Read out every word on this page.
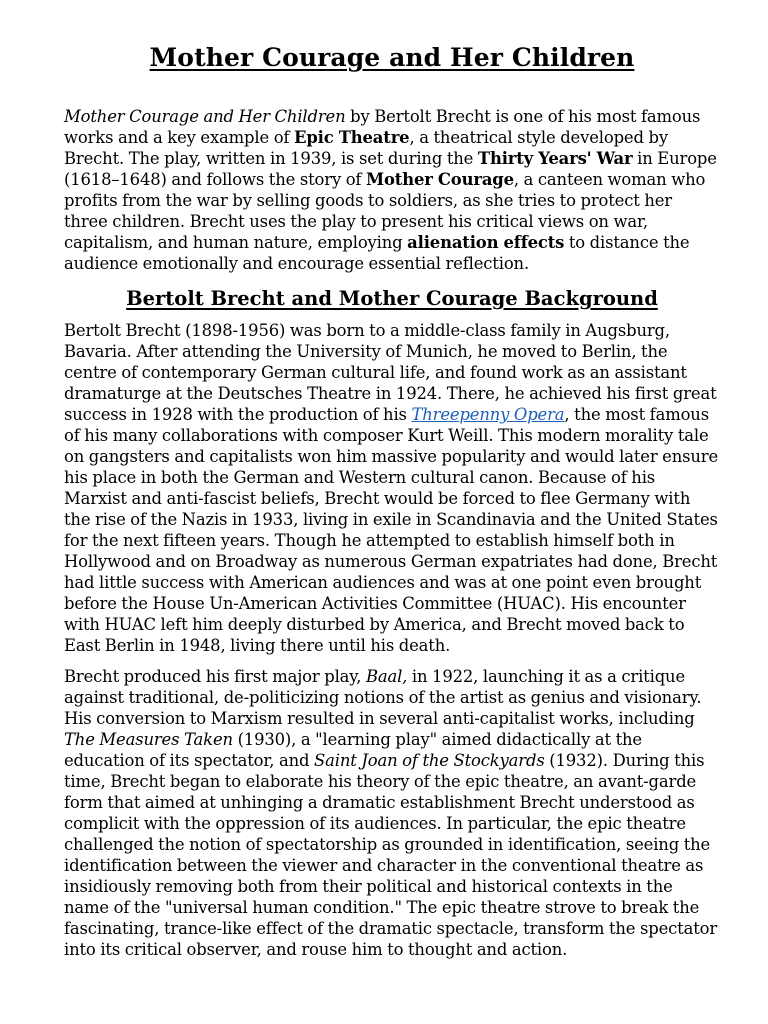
Mother Courage and Her Children

Mother Courage and Her Children by Bertolt Brecht is one of his most famous works and a key example of Epic Theatre, a theatrical style developed by Brecht. The play, written in 1939, is set during the Thirty Years' War in Europe (1618–1648) and follows the story of Mother Courage, a canteen woman who profits from the war by selling goods to soldiers, as she tries to protect her three children. Brecht uses the play to present his critical views on war, capitalism, and human nature, employing alienation effects to distance the audience emotionally and encourage essential reflection.

Bertolt Brecht and Mother Courage Background

Bertolt Brecht (1898-1956) was born to a middle-class family in Augsburg, Bavaria. After attending the University of Munich, he moved to Berlin, the centre of contemporary German cultural life, and found work as an assistant dramaturge at the Deutsches Theatre in 1924. There, he achieved his first great success in 1928 with the production of his Threepenny Opera, the most famous of his many collaborations with composer Kurt Weill. This modern morality tale on gangsters and capitalists won him massive popularity and would later ensure his place in both the German and Western cultural canon. Because of his Marxist and anti-fascist beliefs, Brecht would be forced to flee Germany with the rise of the Nazis in 1933, living in exile in Scandinavia and the United States for the next fifteen years. Though he attempted to establish himself both in Hollywood and on Broadway as numerous German expatriates had done, Brecht had little success with American audiences and was at one point even brought before the House Un-American Activities Committee (HUAC). His encounter with HUAC left him deeply disturbed by America, and Brecht moved back to East Berlin in 1948, living there until his death.

Brecht produced his first major play, Baal, in 1922, launching it as a critique against traditional, de-politicizing notions of the artist as genius and visionary. His conversion to Marxism resulted in several anti-capitalist works, including The Measures Taken (1930), a "learning play" aimed didactically at the education of its spectator, and Saint Joan of the Stockyards (1932). During this time, Brecht began to elaborate his theory of the epic theatre, an avant-garde form that aimed at unhinging a dramatic establishment Brecht understood as complicit with the oppression of its audiences. In particular, the epic theatre challenged the notion of spectatorship as grounded in identification, seeing the identification between the viewer and character in the conventional theatre as insidiously removing both from their political and historical contexts in the name of the "universal human condition." The epic theatre strove to break the fascinating, trance-like effect of the dramatic spectacle, transform the spectator into its critical observer, and rouse him to thought and action.
